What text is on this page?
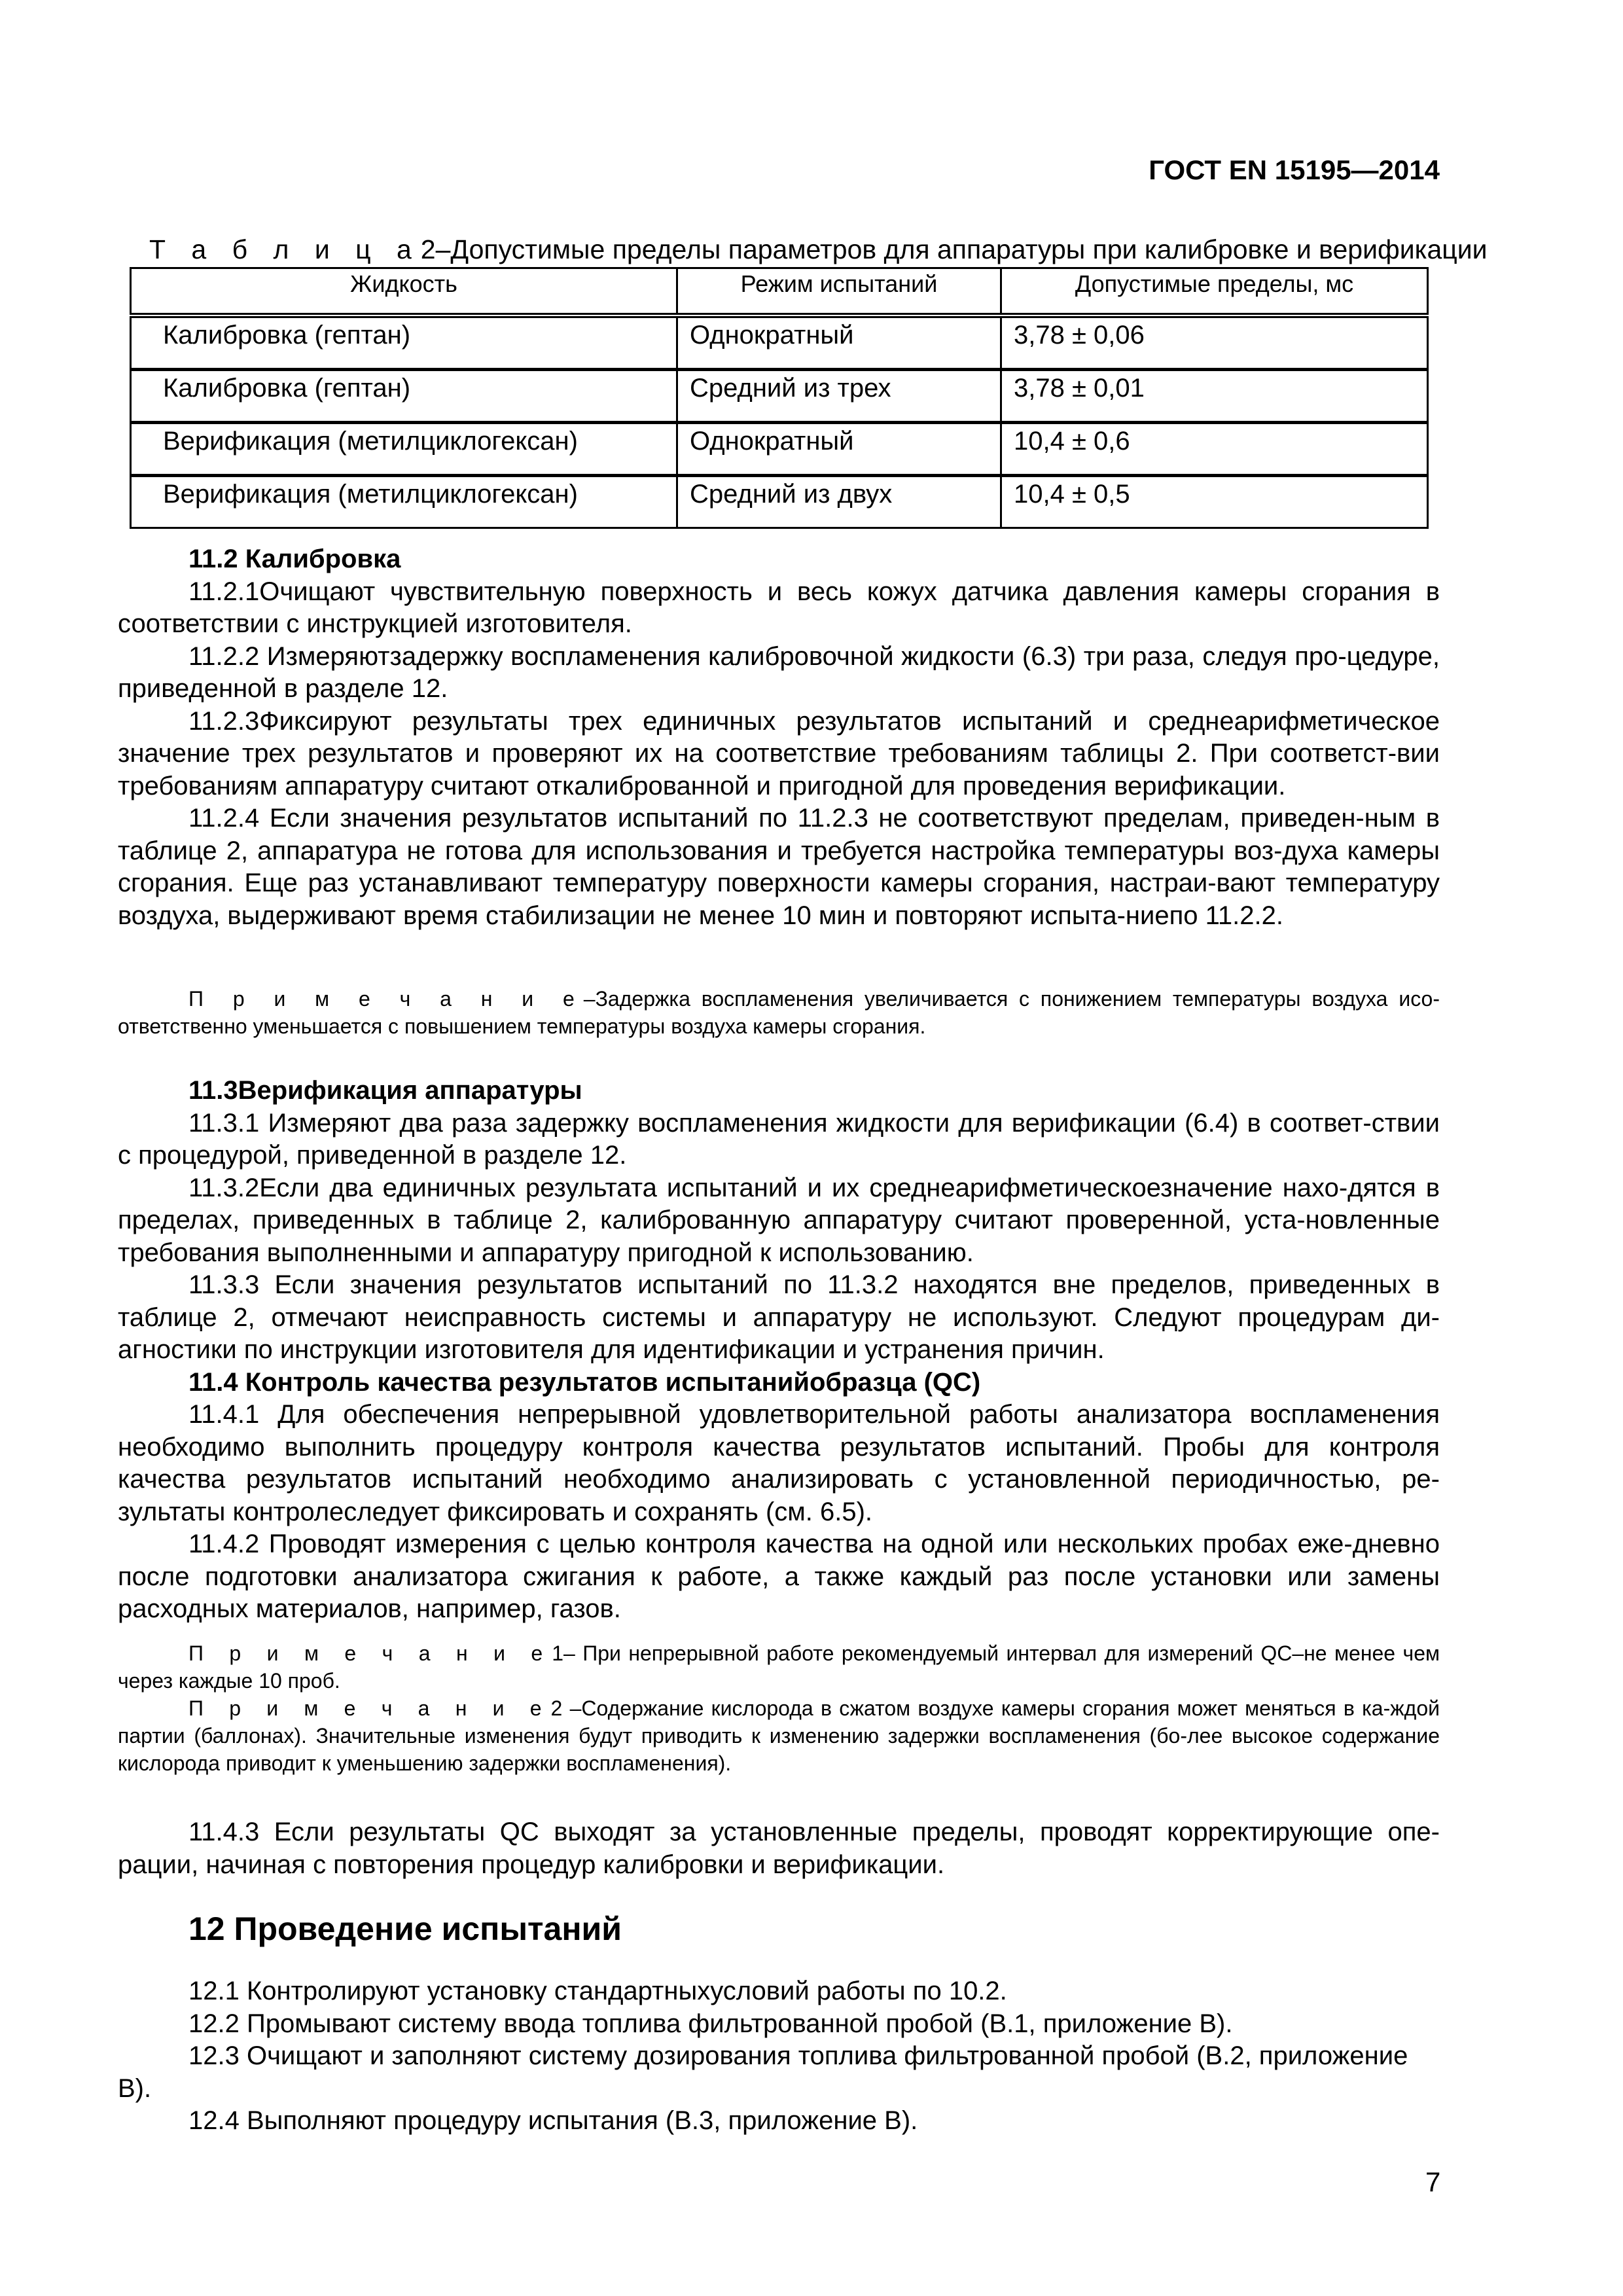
ГОСТ EN 15195—2014
Т а б л и ц а2–Допустимые пределы параметров для аппаратуры при калибровке и верификации
Жидкость	Режим испытаний	Допустимые пределы, мс
Калибровка (гептан)	Однократный	3,78 ± 0,06
Калибровка (гептан)	Средний из трех	3,78 ± 0,01
Верификация (метилциклогексан)	Однократный	10,4 ± 0,6
Верификация (метилциклогексан)	Средний из двух	10,4 ± 0,5
11.2 Калибровка

11.2.1Очищают чувствительную поверхность и весь кожух датчика давления камеры сгорания в соответствии с инструкцией изготовителя.

11.2.2 Измеряютзадержку воспламенения калибровочной жидкости (6.3) три раза, следуя про-цедуре, приведенной в разделе 12.

11.2.3Фиксируют результаты трех единичных результатов испытаний и среднеарифметическое значение трех результатов и проверяют их на соответствие требованиям таблицы 2. При соответст-вии требованиям аппаратуру считают откалиброванной и пригодной для проведения верификации.

11.2.4 Если значения результатов испытаний по 11.2.3 не соответствуют пределам, приведен-ным в таблице 2, аппаратура не готова для использования и требуется настройка температуры воз-духа камеры сгорания. Еще раз устанавливают температуру поверхности камеры сгорания, настраи-вают температуру воздуха, выдерживают время стабилизации не менее 10 мин и повторяют испыта-ниепо 11.2.2.

П р и м е ч а н и е–Задержка воспламенения увеличивается с понижением температуры воздуха исо-ответственно уменьшается с повышением температуры воздуха камеры сгорания.

11.3Верификация аппаратуры

11.3.1 Измеряют два раза задержку воспламенения жидкости для верификации (6.4) в соответ-ствии с процедурой, приведенной в разделе 12.

11.3.2Если два единичных результата испытаний и их среднеарифметическоезначение нахо-дятся в пределах, приведенных в таблице 2, калиброванную аппаратуру считают проверенной, уста-новленные требования выполненными и аппаратуру пригодной к использованию.

11.3.3 Если значения результатов испытаний по 11.3.2 находятся вне пределов, приведенных в таблице 2, отмечают неисправность системы и аппаратуру не используют. Следуют процедурам ди-агностики по инструкции изготовителя для идентификации и устранения причин.

11.4 Контроль качества результатов испытанийобразца (QC)

11.4.1 Для обеспечения непрерывной удовлетворительной работы анализатора воспламенения необходимо выполнить процедуру контроля качества результатов испытаний. Пробы для контроля качества результатов испытаний необходимо анализировать с установленной периодичностью, ре-зультаты контролеследует фиксировать и сохранять (см. 6.5).

11.4.2 Проводят измерения с целью контроля качества на одной или нескольких пробах еже-дневно после подготовки анализатора сжигания к работе, а также каждый раз после установки или замены расходных материалов, например, газов.

П р и м е ч а н и е1– При непрерывной работе рекомендуемый интервал для измерений QC–не менее чем через каждые 10 проб.

П р и м е ч а н и е2 –Содержание кислорода в сжатом воздухе камеры сгорания может меняться в ка-ждой партии (баллонах). Значительные изменения будут приводить к изменению задержки воспламенения (бо-лее высокое содержание кислорода приводит к уменьшению задержки воспламенения).

11.4.3 Если результаты QC выходят за установленные пределы, проводят корректирующие опе-рации, начиная с повторения процедур калибровки и верификации.

12 Проведение испытаний

12.1 Контролируют установку стандартныхусловий работы по 10.2.

12.2 Промывают систему ввода топлива фильтрованной пробой (В.1, приложение В).

12.3 Очищают и заполняют систему дозирования топлива фильтрованной пробой (В.2, приложение В).

12.4 Выполняют процедуру испытания (В.3, приложение В).

7
